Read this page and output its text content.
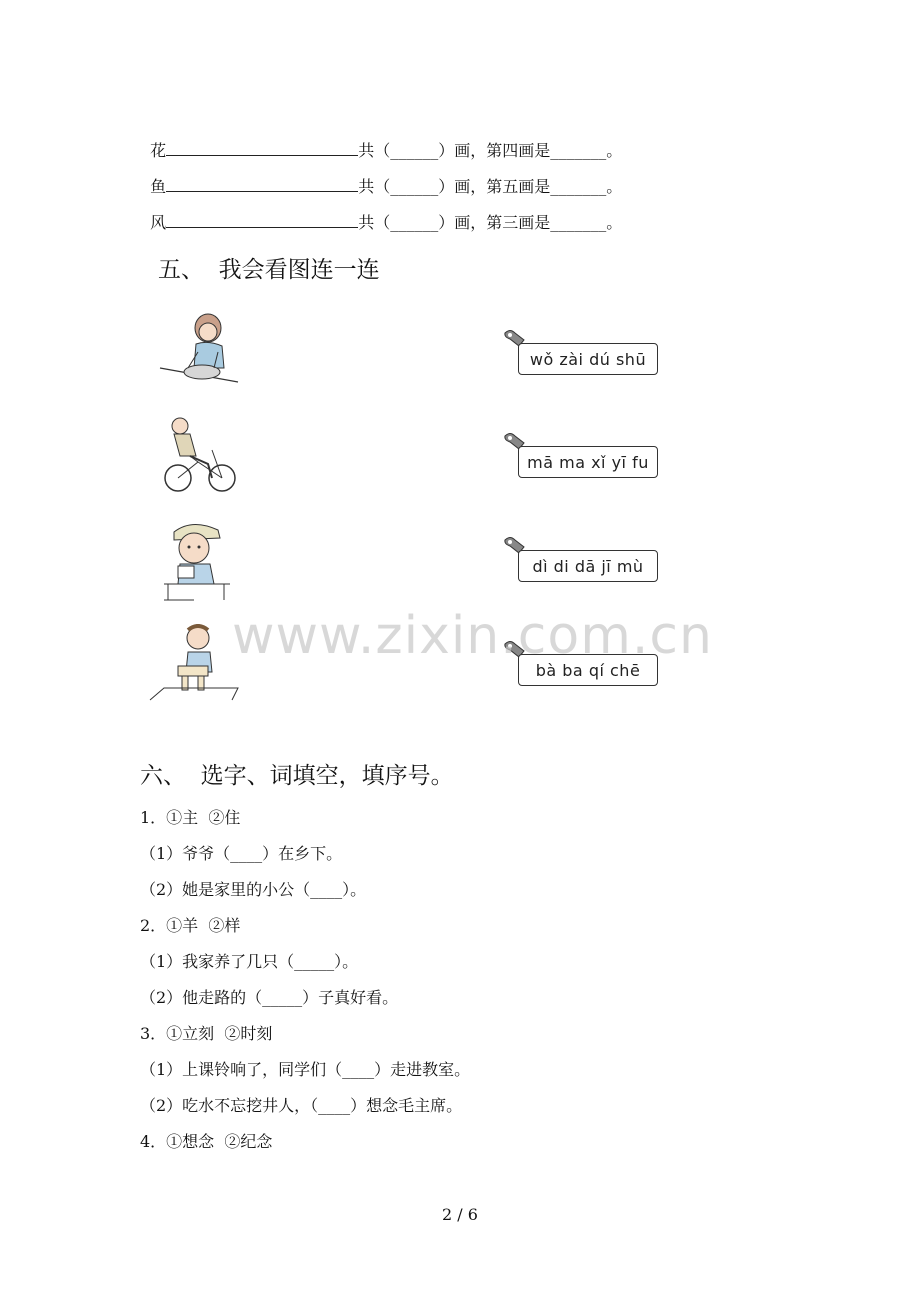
花	共（______）画，第四画是_______。

鱼	共（______）画，第五画是_______。

风	共（______）画，第三画是_______。

五、  我会看图连一连
wǒ zài dú shū
mā ma xǐ yī fu
dì di dā jī mù
bà ba qí chē
www.zixin.com.cn
六、  选字、词填空，填序号。
1．①主  ②住
（1）爷爷（____）在乡下。
（2）她是家里的小公（____）。
2．①羊  ②样
（1）我家养了几只（_____）。
（2）他走路的（_____）子真好看。
3．①立刻  ②时刻
（1）上课铃响了，同学们（____）走进教室。
（2）吃水不忘挖井人，（____）想念毛主席。
4．①想念  ②纪念
2 / 6
